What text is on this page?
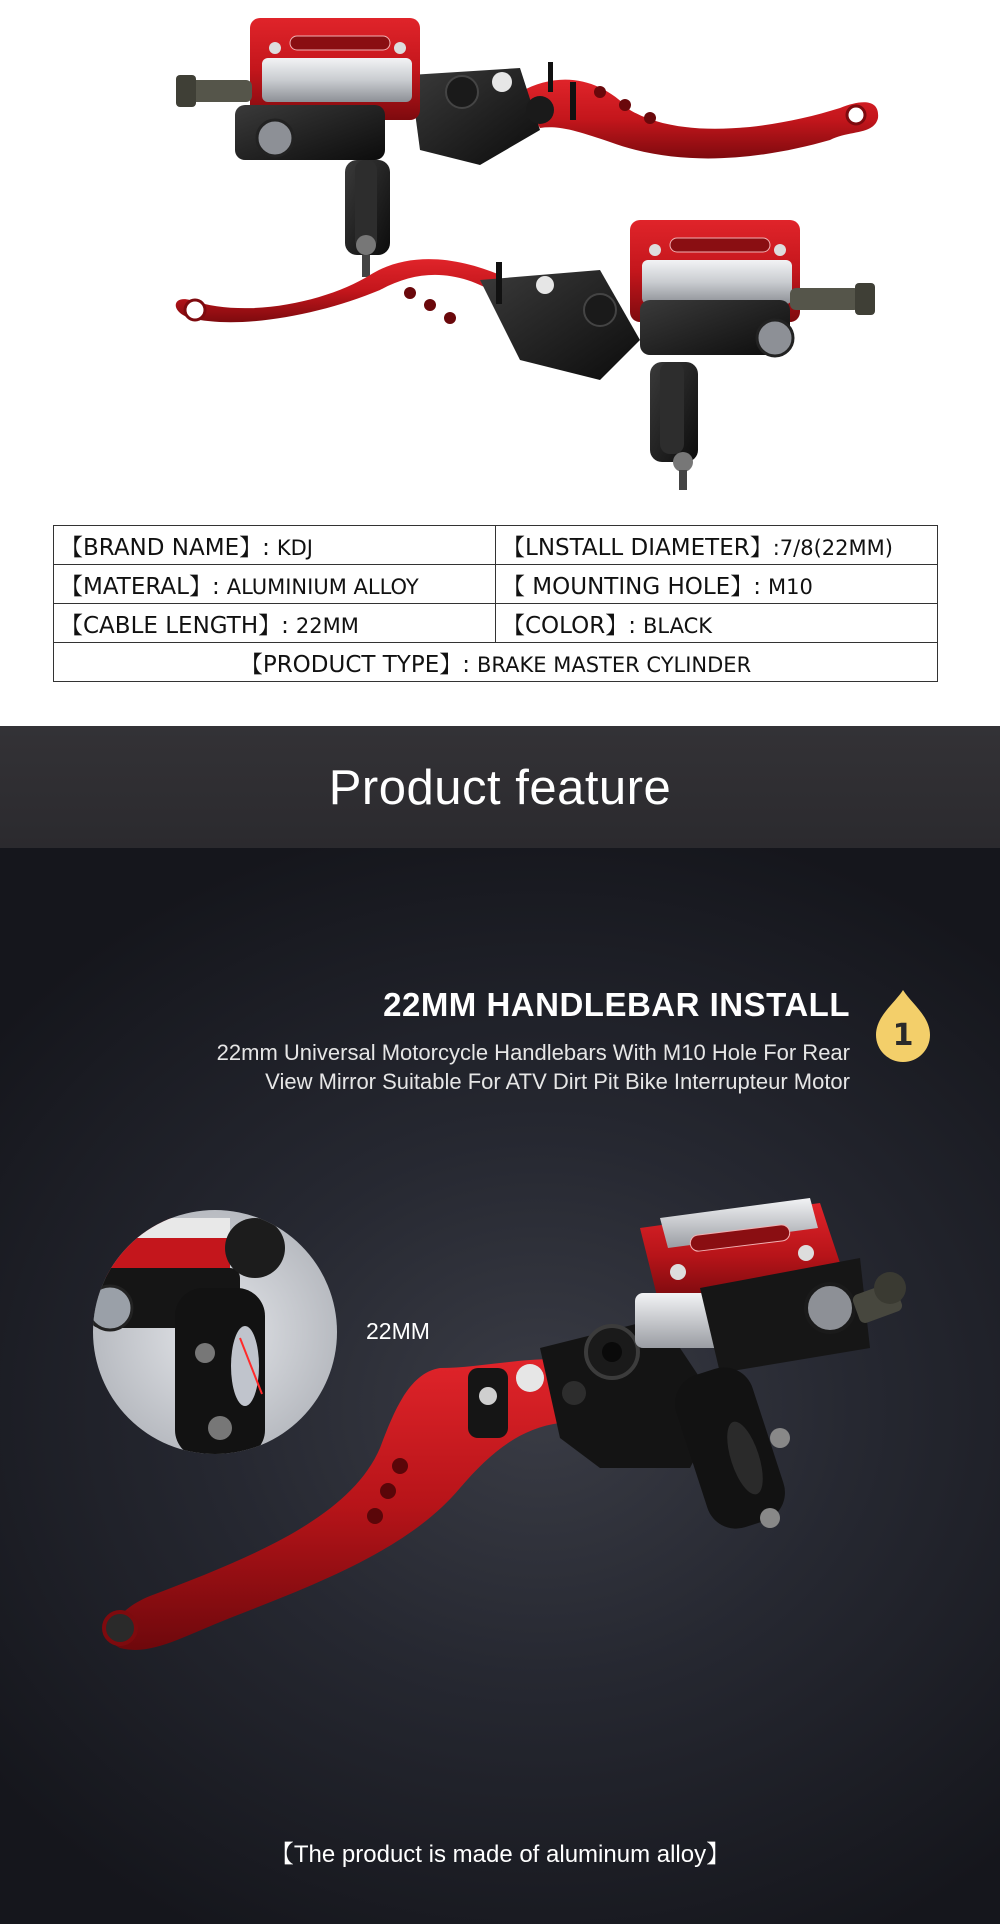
【BRAND NAME】: KDJ	【LNSTALL DIAMETER】:7/8(22MM)
【MATERAL】: ALUMINIUM ALLOY	【 MOUNTING HOLE】: M10
【CABLE LENGTH】: 22MM	【COLOR】: BLACK
【PRODUCT TYPE】: BRAKE MASTER CYLINDER	
Product feature
1
22MM HANDLEBAR INSTALL

22mm Universal Motorcycle Handlebars With M10 Hole For Rear View Mirror Suitable For ATV Dirt Pit Bike Interrupteur Motor

22MM

【The product is made of aluminum alloy】
